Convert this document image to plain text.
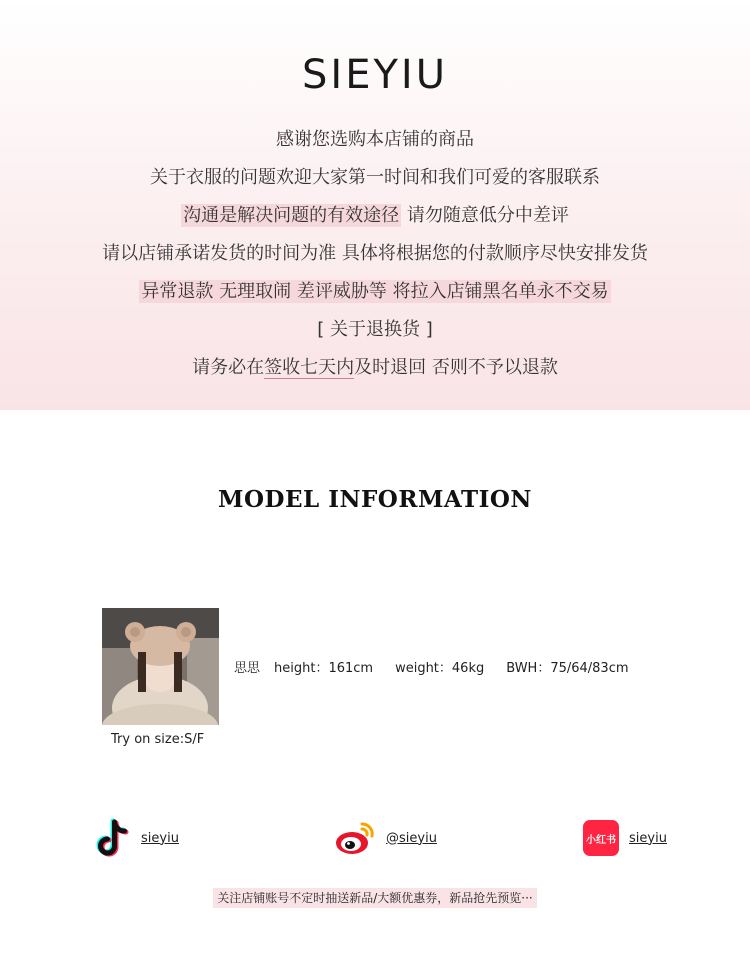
SIEYIU
感谢您选购本店铺的商品
关于衣服的问题欢迎大家第一时间和我们可爱的客服联系
沟通是解决问题的有效途径 请勿随意低分中差评
请以店铺承诺发货的时间为准 具体将根据您的付款顺序尽快安排发货
异常退款 无理取闹 差评威胁等 将拉入店铺黑名单永不交易
[ 关于退换货 ]
请务必在签收七天内及时退回 否则不予以退款
MODEL INFORMATION
思思 height：161cm weight：46kg BWH：75/64/83cm
Try on size:S/F
sieyiu	@sieyiu	小红书 sieyiu
关注店铺账号不定时抽送新品/大额优惠券，新品抢先预览···
